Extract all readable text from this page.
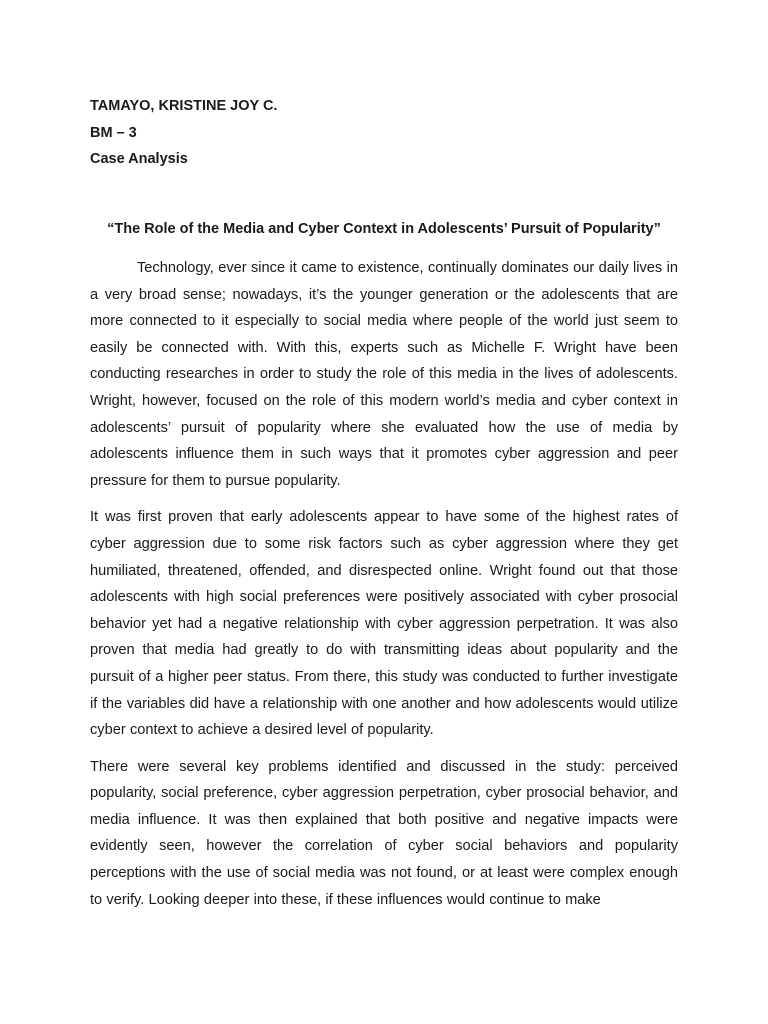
TAMAYO, KRISTINE JOY C.
BM – 3
Case Analysis
“The Role of the Media and Cyber Context in Adolescents’ Pursuit of Popularity”

Technology, ever since it came to existence, continually dominates our daily lives in a very broad sense; nowadays, it’s the younger generation or the adolescents that are more connected to it especially to social media where people of the world just seem to easily be connected with. With this, experts such as Michelle F. Wright have been conducting researches in order to study the role of this media in the lives of adolescents. Wright, however, focused on the role of this modern world’s media and cyber context in adolescents’ pursuit of popularity where she evaluated how the use of media by adolescents influence them in such ways that it promotes cyber aggression and peer pressure for them to pursue popularity.

It was first proven that early adolescents appear to have some of the highest rates of cyber aggression due to some risk factors such as cyber aggression where they get humiliated, threatened, offended, and disrespected online. Wright found out that those adolescents with high social preferences were positively associated with cyber prosocial behavior yet had a negative relationship with cyber aggression perpetration. It was also proven that media had greatly to do with transmitting ideas about popularity and the pursuit of a higher peer status. From there, this study was conducted to further investigate if the variables did have a relationship with one another and how adolescents would utilize cyber context to achieve a desired level of popularity.

There were several key problems identified and discussed in the study: perceived popularity, social preference, cyber aggression perpetration, cyber prosocial behavior, and media influence. It was then explained that both positive and negative impacts were evidently seen, however the correlation of cyber social behaviors and popularity perceptions with the use of social media was not found, or at least were complex enough to verify. Looking deeper into these, if these influences would continue to make
